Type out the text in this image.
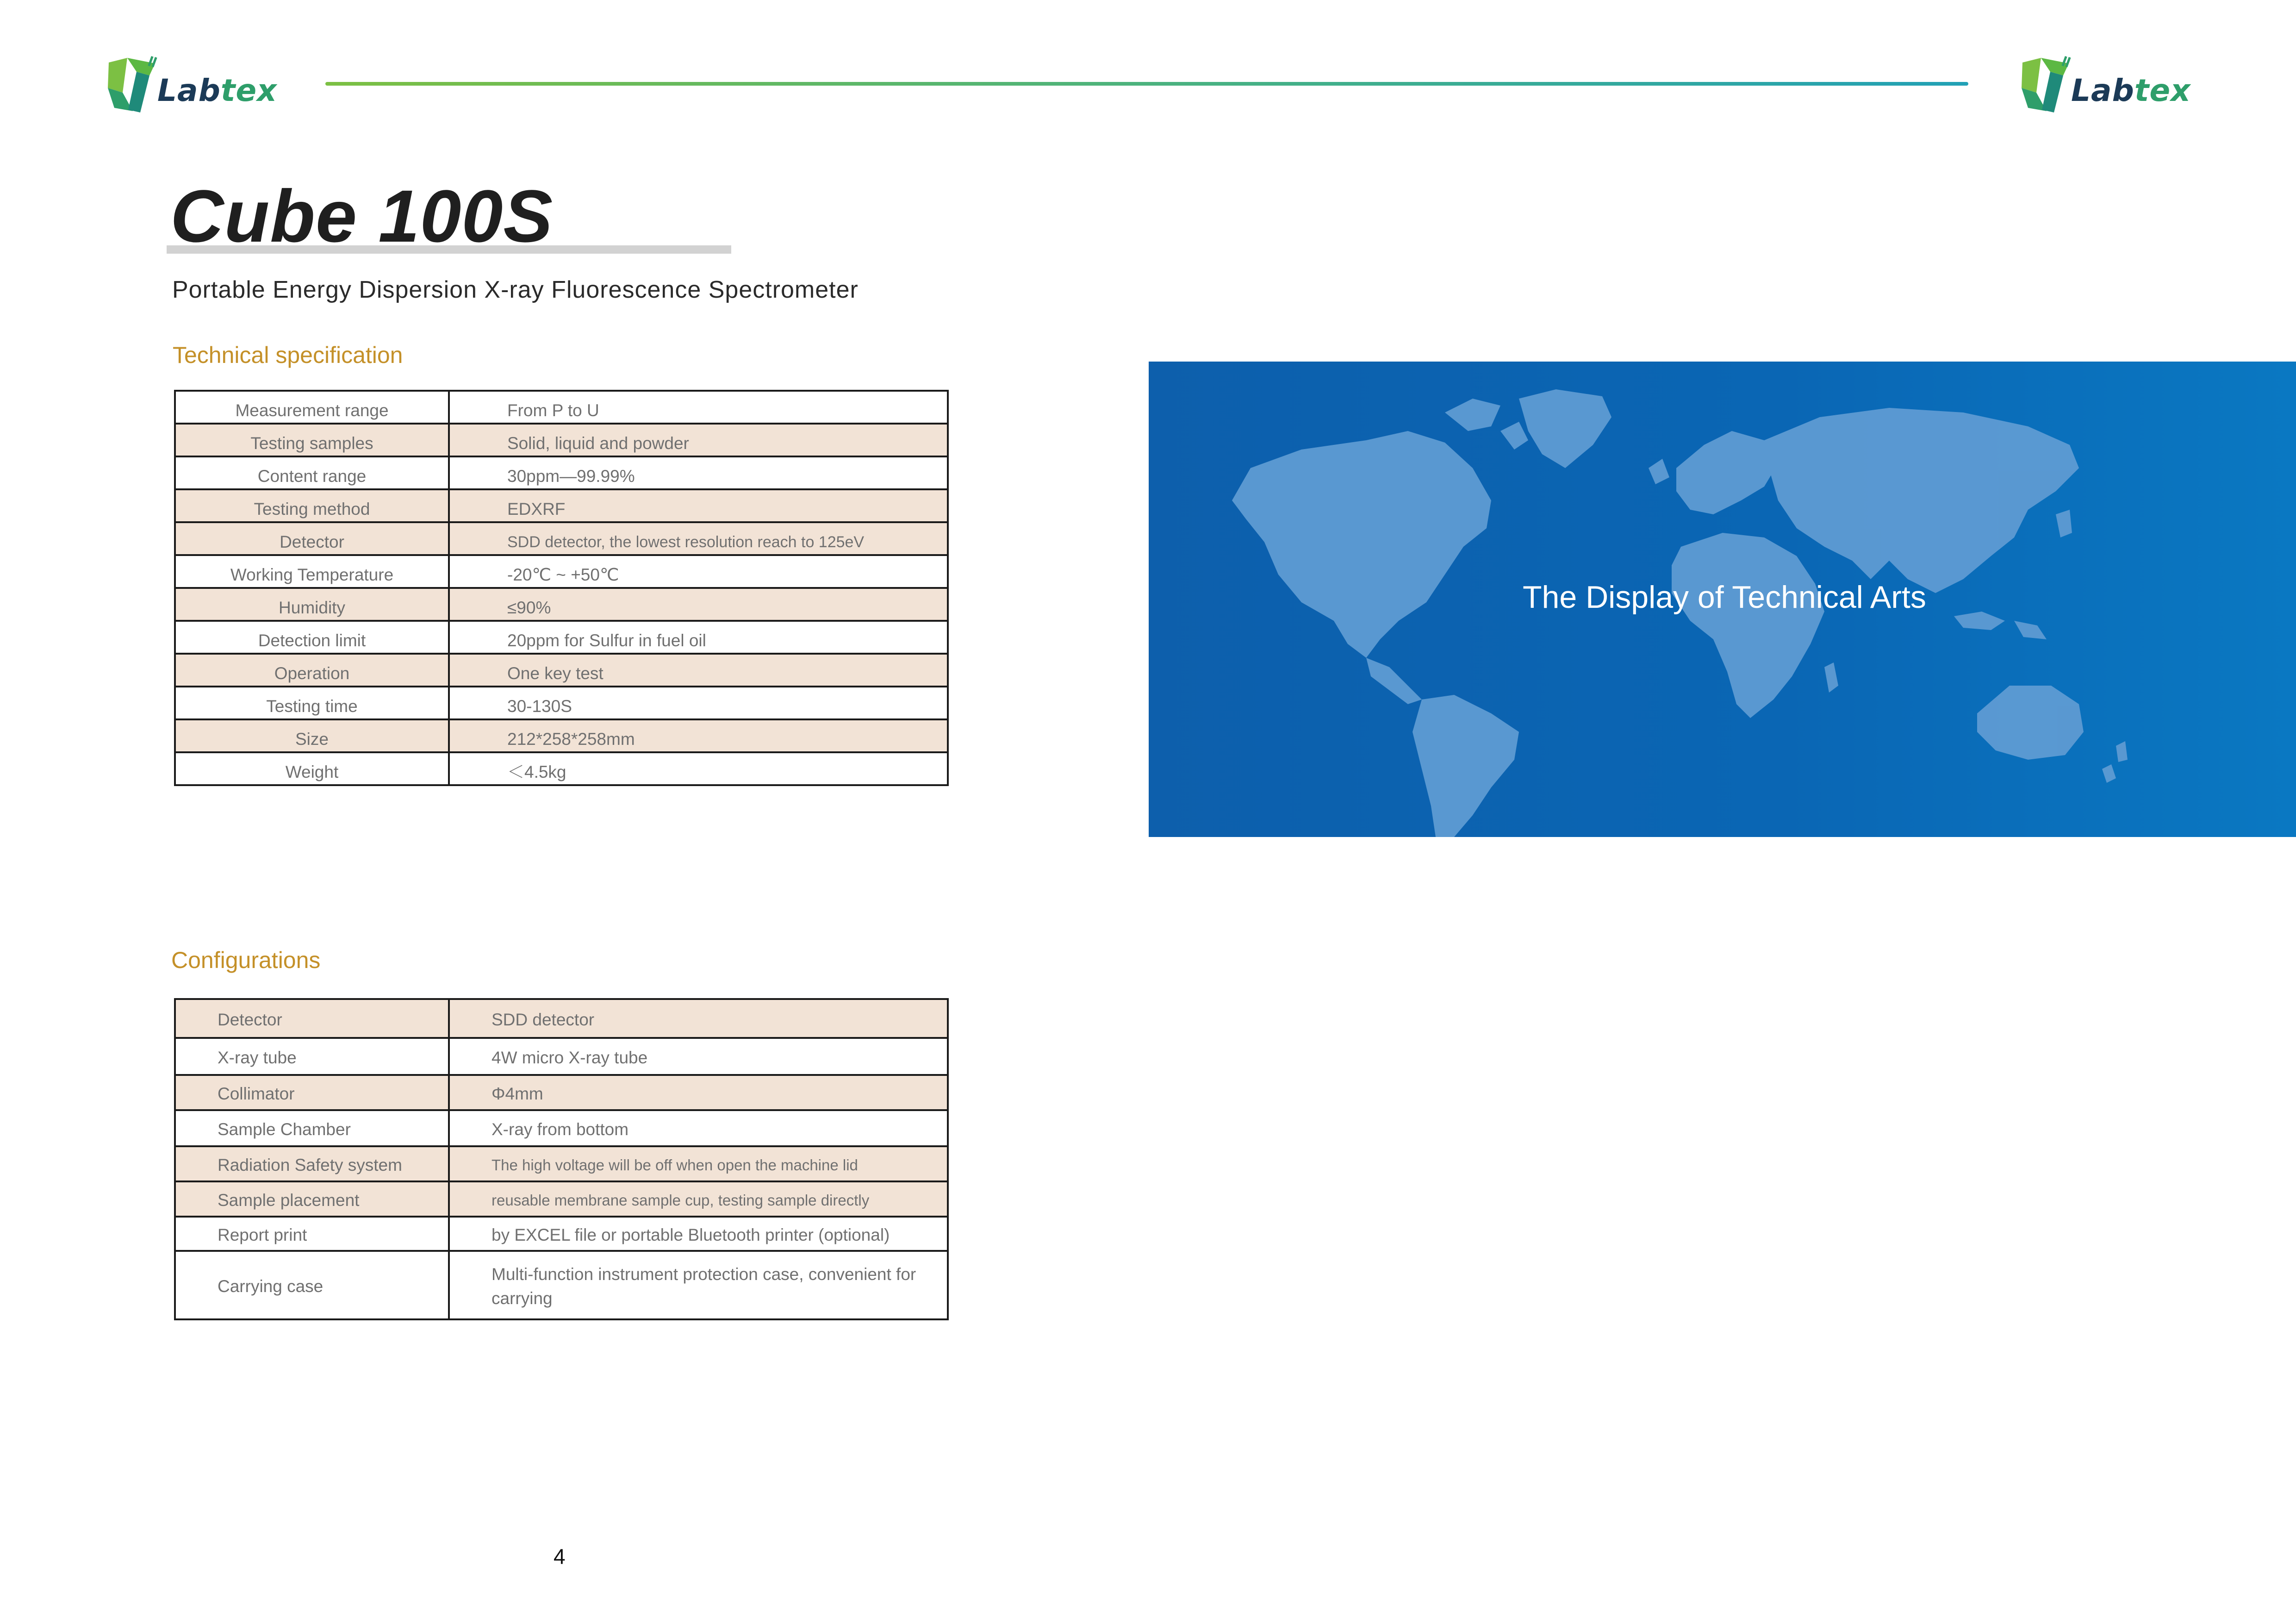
Labtex	Labtex
Cube 100S
Portable Energy Dispersion X-ray Fluorescence Spectrometer
Technical specification
Measurement range	From P to U
Testing samples	Solid, liquid and powder
Content range	30ppm—99.99%
Testing method	EDXRF
Detector	SDD detector, the lowest resolution reach to 125eV
Working Temperature	-20℃ ~ +50℃
Humidity	≤90%
Detection limit	20ppm for Sulfur in fuel oil
Operation	One key test
Testing time	30-130S
Size	212*258*258mm
Weight	＜4.5kg
Configurations
Detector	SDD detector
X-ray tube	4W micro X-ray tube
Collimator	Φ4mm
Sample Chamber	X-ray from bottom
Radiation Safety system	The high voltage will be off when open the machine lid
Sample placement	reusable membrane sample cup, testing sample directly
Report print	by EXCEL file or portable Bluetooth printer (optional)
Carrying case	Multi-function instrument protection case, convenient for carrying
The Display of Technical Arts
4
